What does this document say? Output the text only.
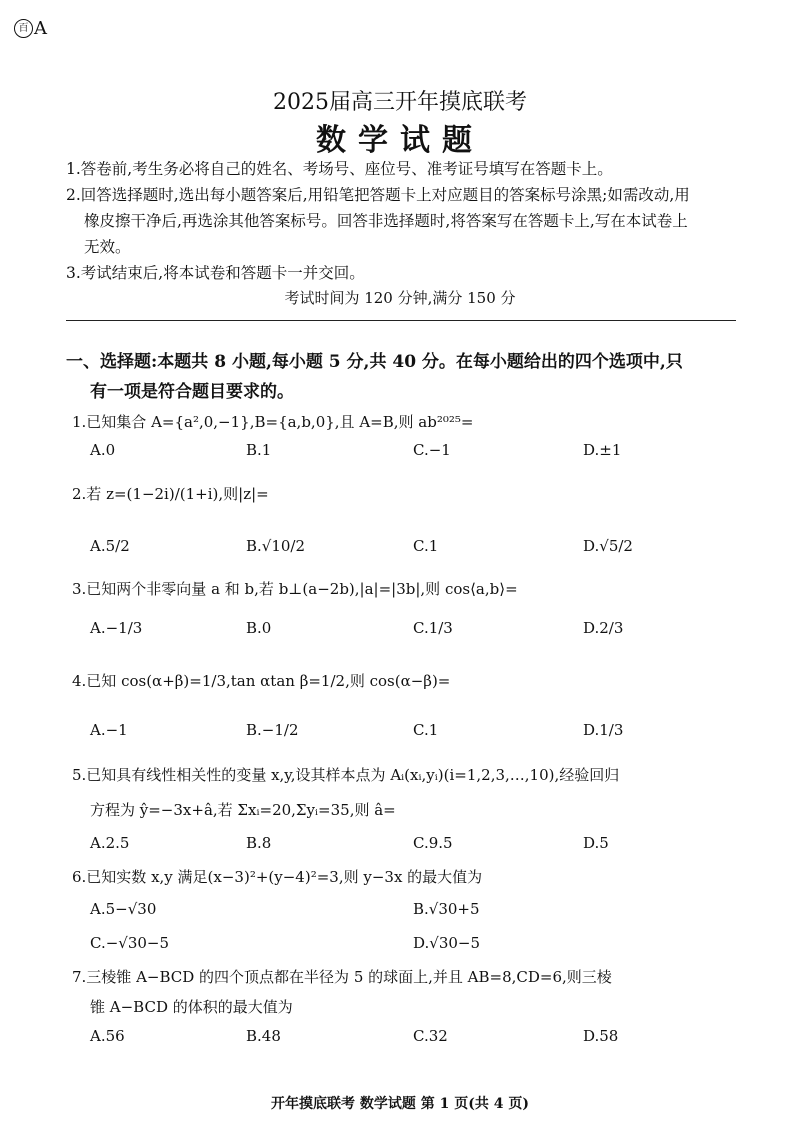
百 A
2025届高三开年摸底联考
数学试题
1.答卷前,考生务必将自己的姓名、考场号、座位号、准考证号填写在答题卡上。
2.回答选择题时,选出每小题答案后,用铅笔把答题卡上对应题目的答案标号涂黑;如需改动,用
橡皮擦干净后,再选涂其他答案标号。回答非选择题时,将答案写在答题卡上,写在本试卷上
无效。
3.考试结束后,将本试卷和答题卡一并交回。
考试时间为 120 分钟,满分 150 分
一、选择题:本题共 8 小题,每小题 5 分,共 40 分。在每小题给出的四个选项中,只
有一项是符合题目要求的。
1.已知集合 A={a²,0,−1},B={a,b,0},且 A=B,则 ab²⁰²⁵=
A.0	B.1	C.−1	D.±1
2.若 z=(1−2i)/(1+i),则|z|=
A.5/2	B.√10/2	C.1	D.√5/2
3.已知两个非零向量 a 和 b,若 b⊥(a−2b),|a|=|3b|,则 cos⟨a,b⟩=
A.−1/3	B.0	C.1/3	D.2/3
4.已知 cos(α+β)=1/3,tan αtan β=1/2,则 cos(α−β)=
A.−1	B.−1/2	C.1	D.1/3
5.已知具有线性相关性的变量 x,y,设其样本点为 Aᵢ(xᵢ,yᵢ)(i=1,2,3,…,10),经验回归
方程为 ŷ=−3x+â,若 Σxᵢ=20,Σyᵢ=35,则 â=
A.2.5	B.8	C.9.5	D.5
6.已知实数 x,y 满足(x−3)²+(y−4)²=3,则 y−3x 的最大值为
A.5−√30	B.√30+5
C.−√30−5	D.√30−5
7.三棱锥 A−BCD 的四个顶点都在半径为 5 的球面上,并且 AB=8,CD=6,则三棱
锥 A−BCD 的体积的最大值为
A.56	B.48	C.32	D.58
开年摸底联考 数学试题 第 1 页(共 4 页)
